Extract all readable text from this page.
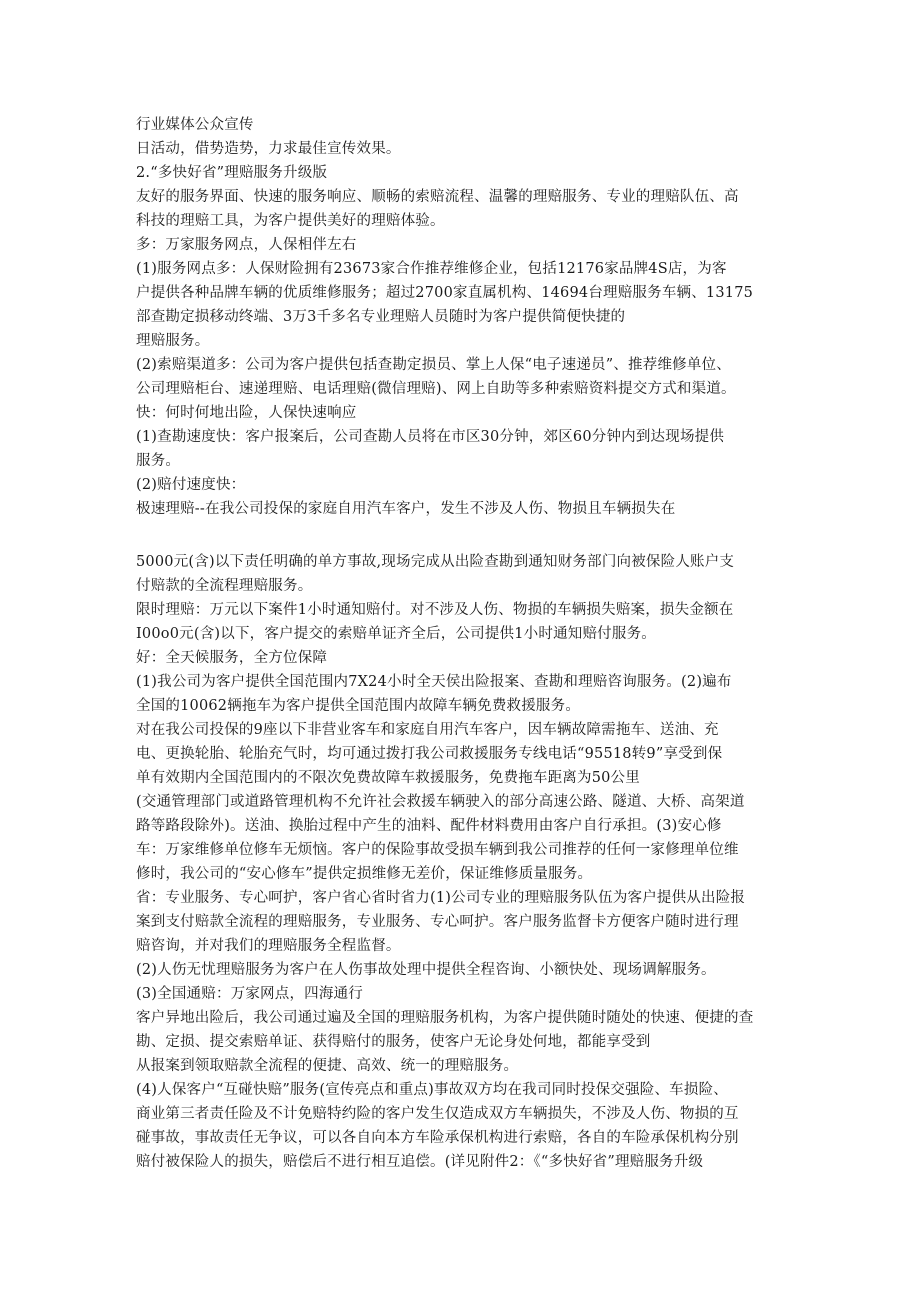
行业媒体公众宣传
日活动，借势造势，力求最佳宣传效果。
2.“多快好省”理赔服务升级版
友好的服务界面、快速的服务响应、顺畅的索赔流程、温馨的理赔服务、专业的理赔队伍、高
科技的理赔工具，为客户提供美好的理赔体验。
多：万家服务网点，人保相伴左右
(1)服务网点多：人保财险拥有23673家合作推荐维修企业，包括12176家品牌4S店，为客
户提供各种品牌车辆的优质维修服务；超过2700家直属机构、14694台理赔服务车辆、13175
部查勘定损移动终端、3万3千多名专业理赔人员随时为客户提供简便快捷的
理赔服务。
(2)索赔渠道多：公司为客户提供包括查勘定损员、掌上人保“电子速递员”、推荐维修单位、
公司理赔柜台、速递理赔、电话理赔(微信理赔)、网上自助等多种索赔资料提交方式和渠道。
快：何时何地出险，人保快速响应
(1)查勘速度快：客户报案后，公司查勘人员将在市区30分钟，郊区60分钟内到达现场提供
服务。
(2)赔付速度快：
极速理赔--在我公司投保的家庭自用汽车客户，发生不涉及人伤、物损且车辆损失在
5000元(含)以下责任明确的单方事故,现场完成从出险查勘到通知财务部门向被保险人账户支
付赔款的全流程理赔服务。
限时理赔：万元以下案件1小时通知赔付。对不涉及人伤、物损的车辆损失赔案，损失金额在
I00o0元(含)以下，客户提交的索赔单证齐全后，公司提供1小时通知赔付服务。
好：全天候服务，全方位保障
(1)我公司为客户提供全国范围内7X24小时全天侯出险报案、查勘和理赔咨询服务。(2)遍布
全国的10062辆拖车为客户提供全国范围内故障车辆免费救援服务。
对在我公司投保的9座以下非营业客车和家庭自用汽车客户，因车辆故障需拖车、送油、充
电、更换轮胎、轮胎充气时，均可通过拨打我公司救援服务专线电话“95518转9”享受到保
单有效期内全国范围内的不限次免费故障车救援服务，免费拖车距离为50公里
(交通管理部门或道路管理机构不允许社会救援车辆驶入的部分高速公路、隧道、大桥、高架道
路等路段除外)。送油、换胎过程中产生的油料、配件材料费用由客户自行承担。(3)安心修
车：万家维修单位修车无烦恼。客户的保险事故受损车辆到我公司推荐的任何一家修理单位维
修时，我公司的“安心修车”提供定损维修无差价，保证维修质量服务。
省：专业服务、专心呵护，客户省心省时省力(1)公司专业的理赔服务队伍为客户提供从出险报
案到支付赔款全流程的理赔服务，专业服务、专心呵护。客户服务监督卡方便客户随时进行理
赔咨询，并对我们的理赔服务全程监督。
(2)人伤无忧理赔服务为客户在人伤事故处理中提供全程咨询、小额快处、现场调解服务。
(3)全国通赔：万家网点，四海通行
客户异地出险后，我公司通过遍及全国的理赔服务机构，为客户提供随时随处的快速、便捷的查
勘、定损、提交索赔单证、获得赔付的服务，使客户无论身处何地，都能享受到
从报案到领取赔款全流程的便捷、高效、统一的理赔服务。
(4)人保客户“互碰快赔”服务(宣传亮点和重点)事故双方均在我司同时投保交强险、车损险、
商业第三者责任险及不计免赔特约险的客户发生仅造成双方车辆损失，不涉及人伤、物损的互
碰事故，事故责任无争议，可以各自向本方车险承保机构进行索赔，各自的车险承保机构分别
赔付被保险人的损失，赔偿后不进行相互追偿。(详见附件2：《“多快好省”理赔服务升级
